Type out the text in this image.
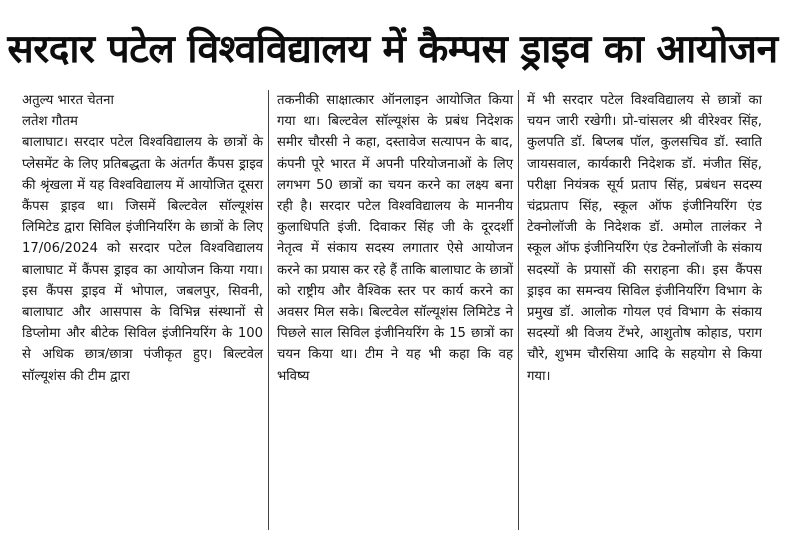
सरदार पटेल विश्वविद्यालय में कैम्पस ड्राइव का आयोजन
अतुल्य भारत चेतना
लतेश गौतम
बालाघाट। सरदार पटेल विश्वविद्यालय के छात्रों के प्लेसमेंट के लिए प्रतिबद्धता के अंतर्गत कैंपस ड्राइव की श्रृंखला में यह विश्वविद्यालय में आयोजित दूसरा कैंपस ड्राइव था। जिसमें बिल्टवेल सॉल्यूशंस लिमिटेड द्वारा सिविल इंजीनियरिंग के छात्रों के लिए 17/06/2024 को सरदार पटेल विश्वविद्यालय बालाघाट में कैंपस ड्राइव का आयोजन किया गया। इस कैंपस ड्राइव में भोपाल, जबलपुर, सिवनी, बालाघाट और आसपास के विभिन्न संस्थानों से डिप्लोमा और बीटेक सिविल इंजीनियरिंग के 100 से अधिक छात्र/छात्रा पंजीकृत हुए। बिल्टवेल सॉल्यूशंस की टीम द्वारा
तकनीकी साक्षात्कार ऑनलाइन आयोजित किया गया था। बिल्टवेल सॉल्यूशंस के प्रबंध निदेशक समीर चौरसी ने कहा, दस्तावेज सत्यापन के बाद, कंपनी पूरे भारत में अपनी परियोजनाओं के लिए लगभग 50 छात्रों का चयन करने का लक्ष्य बना रही है। सरदार पटेल विश्वविद्यालय के माननीय कुलाधिपति इंजी. दिवाकर सिंह जी के दूरदर्शी नेतृत्व में संकाय सदस्य लगातार ऐसे आयोजन करने का प्रयास कर रहे हैं ताकि बालाघाट के छात्रों को राष्ट्रीय और वैश्विक स्तर पर कार्य करने का अवसर मिल सके। बिल्टवेल सॉल्यूशंस लिमिटेड ने पिछले साल सिविल इंजीनियरिंग के 15 छात्रों का चयन किया था। टीम ने यह भी कहा कि वह भविष्य
में भी सरदार पटेल विश्वविद्यालय से छात्रों का चयन जारी रखेगी। प्रो-चांसलर श्री वीरेश्वर सिंह, कुलपति डॉ. बिप्लब पॉल, कुलसचिव डॉ. स्वाति जायसवाल, कार्यकारी निदेशक डॉ. मंजीत सिंह, परीक्षा नियंत्रक सूर्य प्रताप सिंह, प्रबंधन सदस्य चंद्रप्रताप सिंह, स्कूल ऑफ इंजीनियरिंग एंड टेक्नोलॉजी के निदेशक डॉ. अमोल तालंकर ने स्कूल ऑफ इंजीनियरिंग एंड टेक्नोलॉजी के संकाय सदस्यों के प्रयासों की सराहना की। इस कैंपस ड्राइव का समन्वय सिविल इंजीनियरिंग विभाग के प्रमुख डॉ. आलोक गोयल एवं विभाग के संकाय सदस्यों श्री विजय टेंभरे, आशुतोष कोहाड, पराग चौरे, शुभम चौरसिया आदि के सहयोग से किया गया।
